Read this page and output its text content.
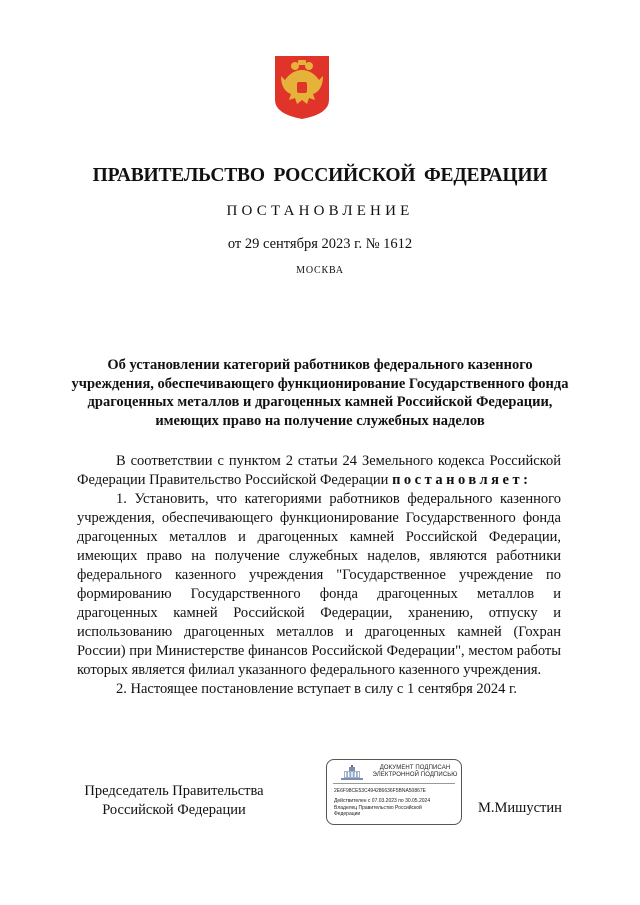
ПРАВИТЕЛЬСТВО РОССИЙСКОЙ ФЕДЕРАЦИИ
ПОСТАНОВЛЕНИЕ
от 29 сентября 2023 г. № 1612
МОСКВА
Об установлении категорий работников федерального казенного учреждения, обеспечивающего функционирование Государственного фонда драгоценных металлов и драгоценных камней Российской Федерации, имеющих право на получение служебных наделов

В соответствии с пунктом 2 статьи 24 Земельного кодекса Российской Федерации Правительство Российской Федерации постановляет:

1. Установить, что категориями работников федерального казенного учреждения, обеспечивающего функционирование Государственного фонда драгоценных металлов и драгоценных камней Российской Федерации, имеющих право на получение служебных наделов, являются работники федерального казенного учреждения "Государственное учреждение по формированию Государственного фонда драгоценных металлов и драгоценных камней Российской Федерации, хранению, отпуску и использованию драгоценных металлов и драгоценных камней (Гохран России) при Министерстве финансов Российской Федерации", местом работы которых является филиал указанного федерального казенного учреждения.

2. Настоящее постановление вступает в силу с 1 сентября 2024 г.

Председатель Правительства
Российской Федерации
ДОКУМЕНТ ПОДПИСАН
ЭЛЕКТРОННОЙ ПОДПИСЬЮ
2E6F98CE53C494286636F5BNA50867E
Действителен с 07.03.2023 по 30.05.2024
Владелец Правительство Российской
Федерации	М.Мишустин
